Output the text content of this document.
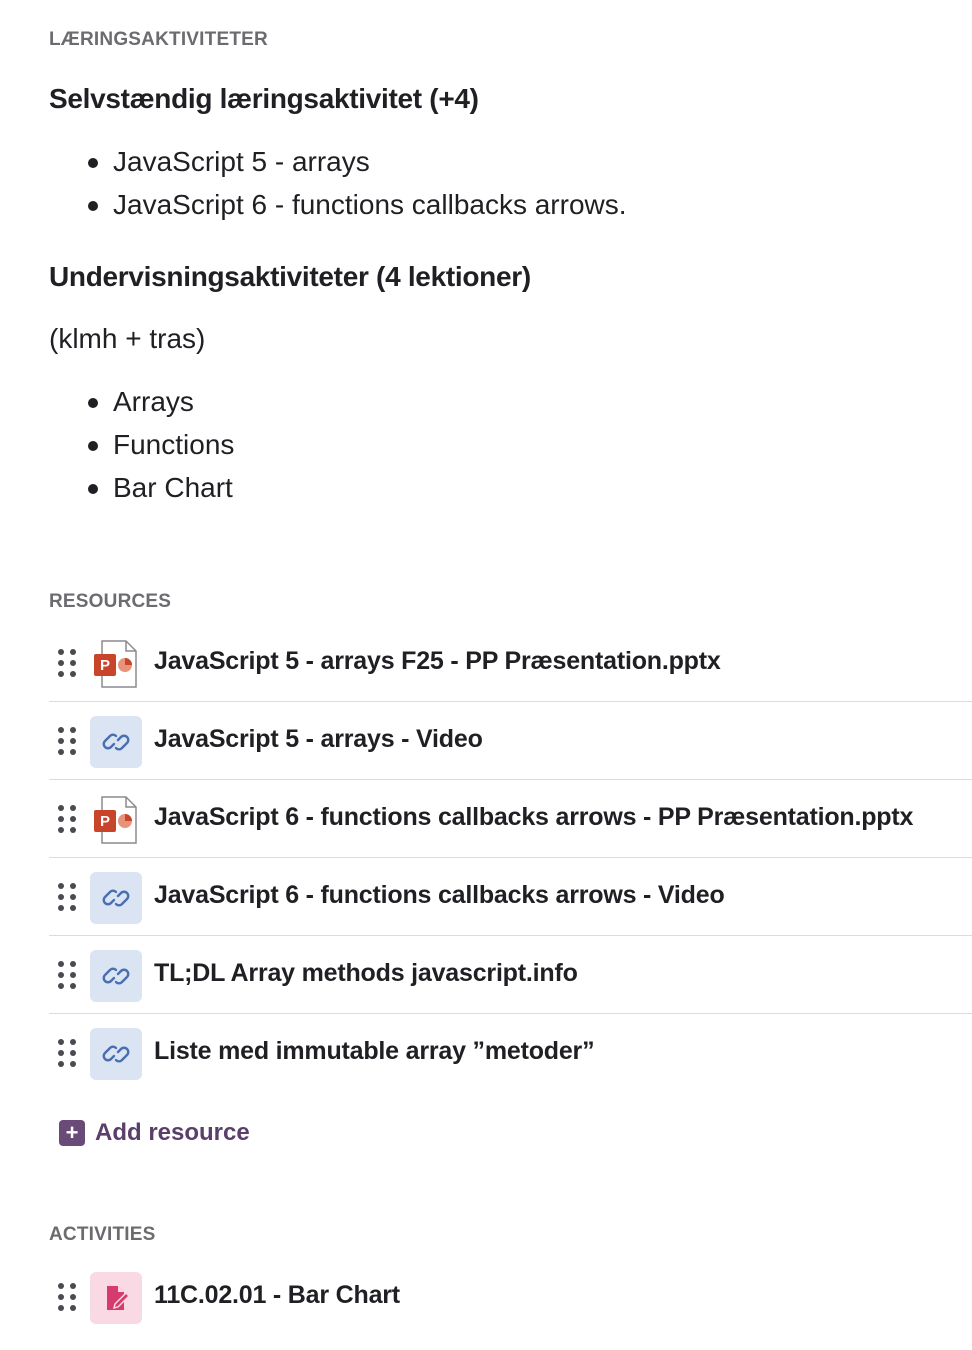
LÆRINGSAKTIVITETER
Selvstændig læringsaktivitet (+4)
JavaScript 5 - arrays
JavaScript 6 - functions callbacks arrows.
Undervisningsaktiviteter (4 lektioner)

(klmh + tras)

Arrays
Functions
Bar Chart
RESOURCES
P JavaScript 5 - arrays F25 - PP Præsentation.pptx
JavaScript 5 - arrays - Video
P JavaScript 6 - functions callbacks arrows - PP Præsentation.pptx
JavaScript 6 - functions callbacks arrows - Video
TL;DL Array methods javascript.info
Liste med immutable array ”metoder”
+ Add resource
ACTIVITIES
11C.02.01 - Bar Chart
